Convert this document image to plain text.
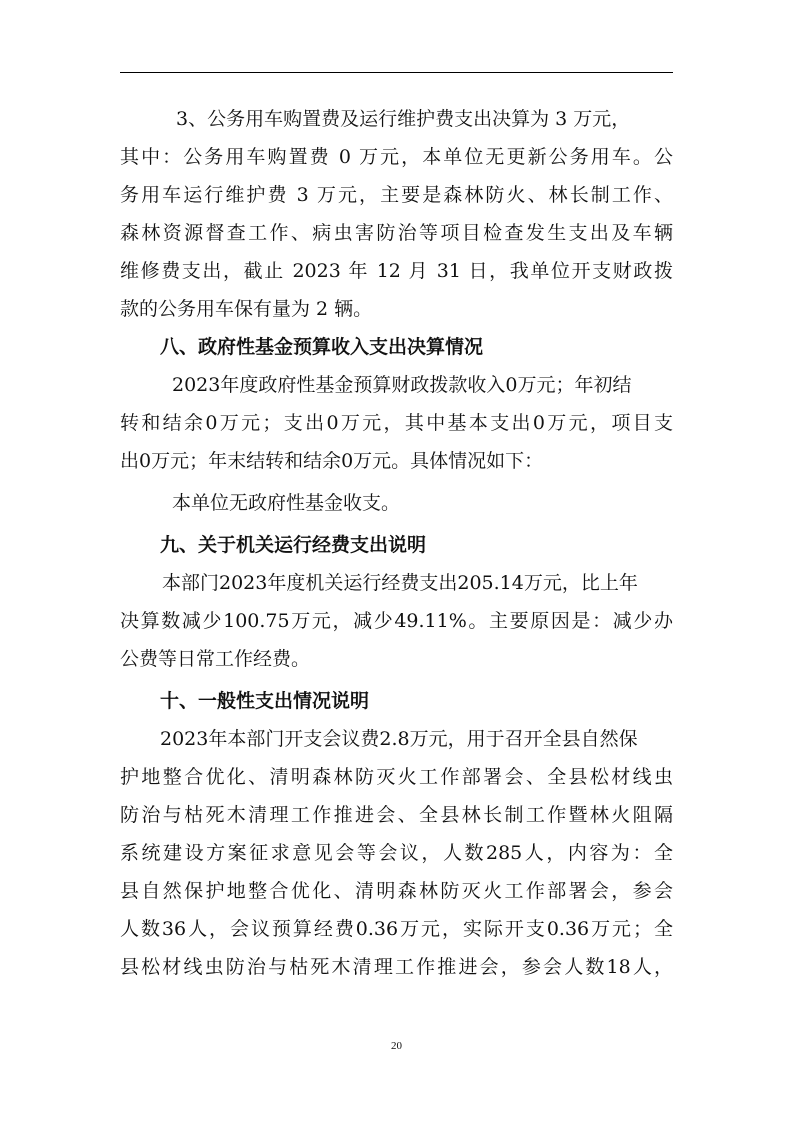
3、公务用车购置费及运行维护费支出决算为 3 万元，
其中：公务用车购置费 0 万元，本单位无更新公务用车。公
务用车运行维护费 3 万元，主要是森林防火、林长制工作、
森林资源督查工作、病虫害防治等项目检查发生支出及车辆
维修费支出，截止 2023 年 12 月 31 日，我单位开支财政拨
款的公务用车保有量为 2 辆。
八、政府性基金预算收入支出决算情况
2023年度政府性基金预算财政拨款收入0万元；年初结
转和结余0万元；支出0万元，其中基本支出0万元，项目支
出0万元；年末结转和结余0万元。具体情况如下：
本单位无政府性基金收支。
九、关于机关运行经费支出说明
本部门2023年度机关运行经费支出205.14万元，比上年
决算数减少100.75万元，减少49.11%。主要原因是：减少办
公费等日常工作经费。
十、一般性支出情况说明
2023年本部门开支会议费2.8万元，用于召开全县自然保
护地整合优化、清明森林防灭火工作部署会、全县松材线虫
防治与枯死木清理工作推进会、全县林长制工作暨林火阻隔
系统建设方案征求意见会等会议，人数285人，内容为：全
县自然保护地整合优化、清明森林防灭火工作部署会，参会
人数36人，会议预算经费0.36万元，实际开支0.36万元；全
县松材线虫防治与枯死木清理工作推进会，参会人数18人，
20
